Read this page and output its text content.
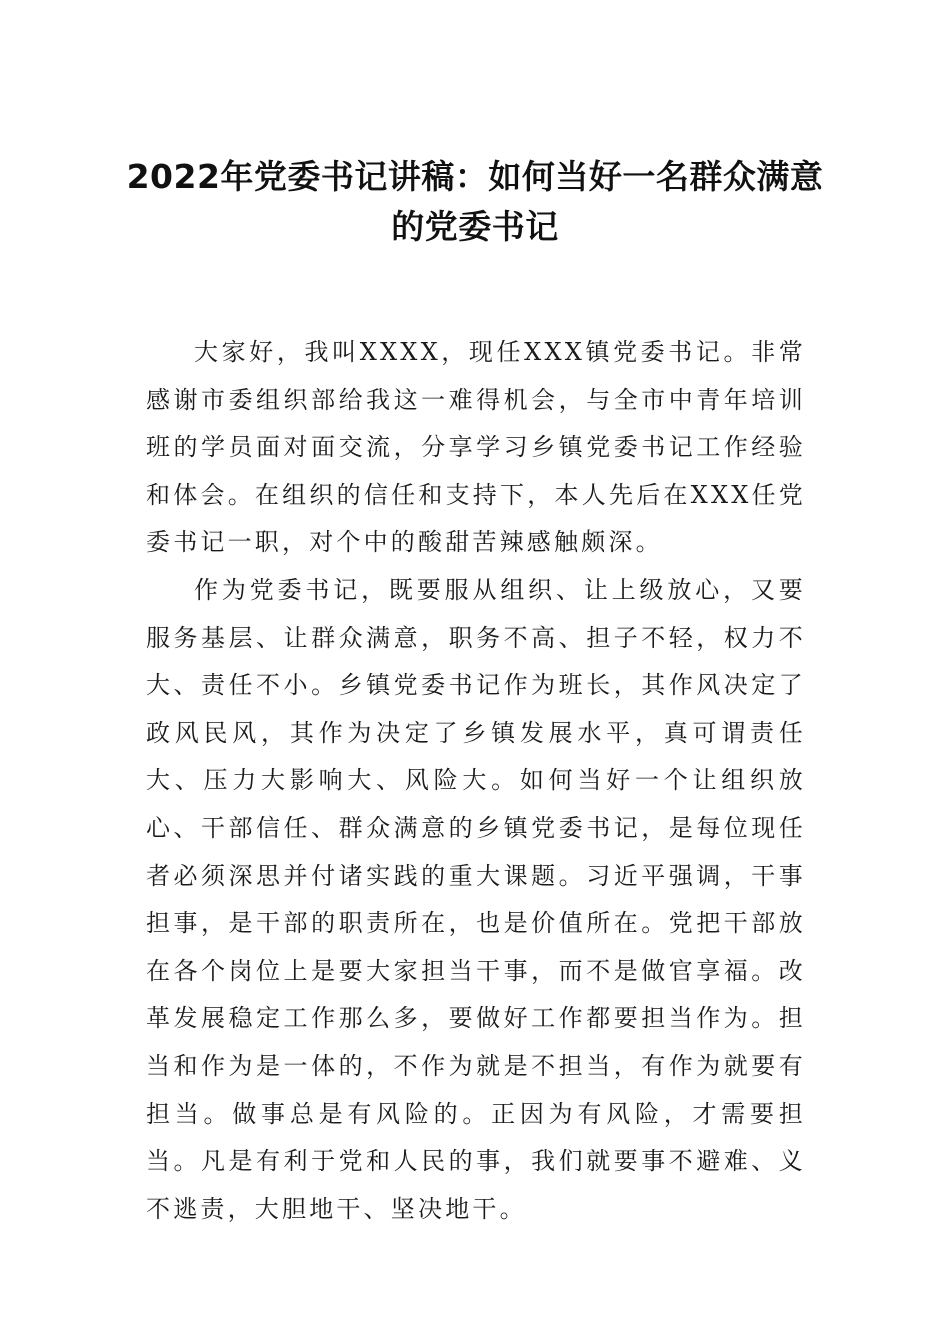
2022年党委书记讲稿：如何当好一名群众满意的党委书记

大家好，我叫XXXX，现任XXX镇党委书记。非常感谢市委组织部给我这一难得机会，与全市中青年培训班的学员面对面交流，分享学习乡镇党委书记工作经验和体会。在组织的信任和支持下，本人先后在XXX任党委书记一职，对个中的酸甜苦辣感触颇深。

作为党委书记，既要服从组织、让上级放心，又要服务基层、让群众满意，职务不高、担子不轻，权力不大、责任不小。乡镇党委书记作为班长，其作风决定了政风民风，其作为决定了乡镇发展水平，真可谓责任大、压力大影响大、风险大。如何当好一个让组织放心、干部信任、群众满意的乡镇党委书记，是每位现任者必须深思并付诸实践的重大课题。习近平强调，干事担事，是干部的职责所在，也是价值所在。党把干部放在各个岗位上是要大家担当干事，而不是做官享福。改革发展稳定工作那么多，要做好工作都要担当作为。担当和作为是一体的，不作为就是不担当，有作为就要有担当。做事总是有风险的。正因为有风险，才需要担当。凡是有利于党和人民的事，我们就要事不避难、义不逃责，大胆地干、坚决地干。
